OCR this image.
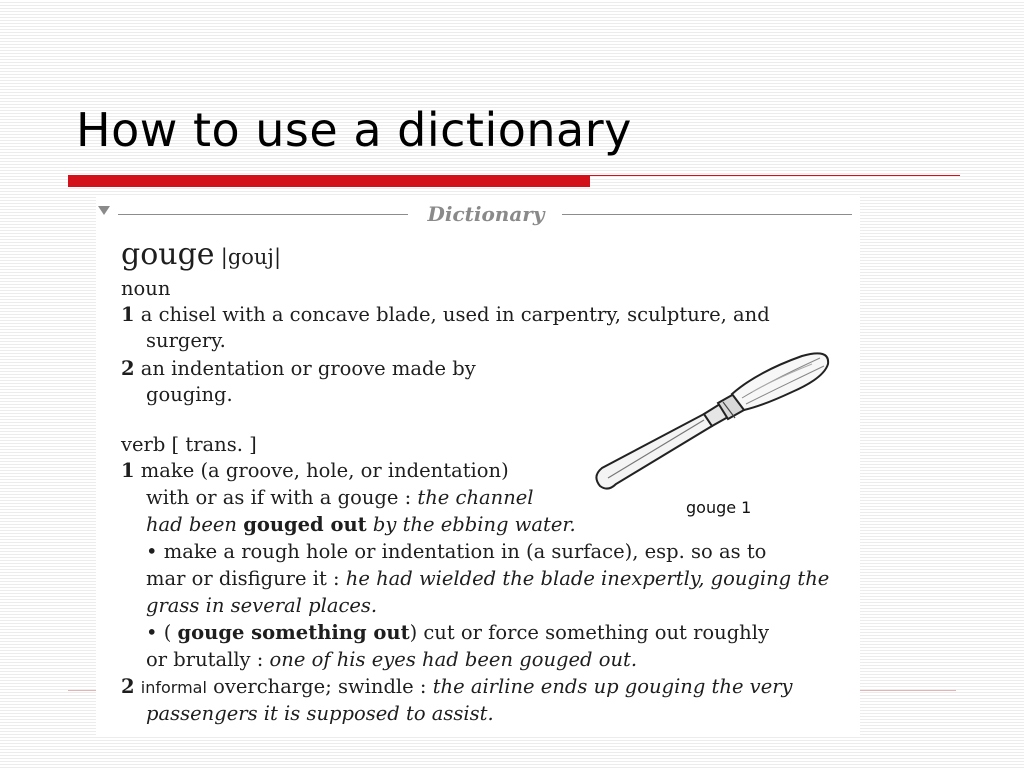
How to use a dictionary
Dictionary
gouge |gouj|
noun
1 a chisel with a concave blade, used in carpentry, sculpture, and
surgery.
2 an indentation or groove made by
gouging.
verb [ trans. ]
1 make (a groove, hole, or indentation)
with or as if with a gouge : the channel
had been gouged out by the ebbing water.
• make a rough hole or indentation in (a surface), esp. so as to
mar or disfigure it : he had wielded the blade inexpertly, gouging the
grass in several places.
• ( gouge something out) cut or force something out roughly
or brutally : one of his eyes had been gouged out.
2 informal overcharge; swindle : the airline ends up gouging the very
passengers it is supposed to assist.
gouge 1
